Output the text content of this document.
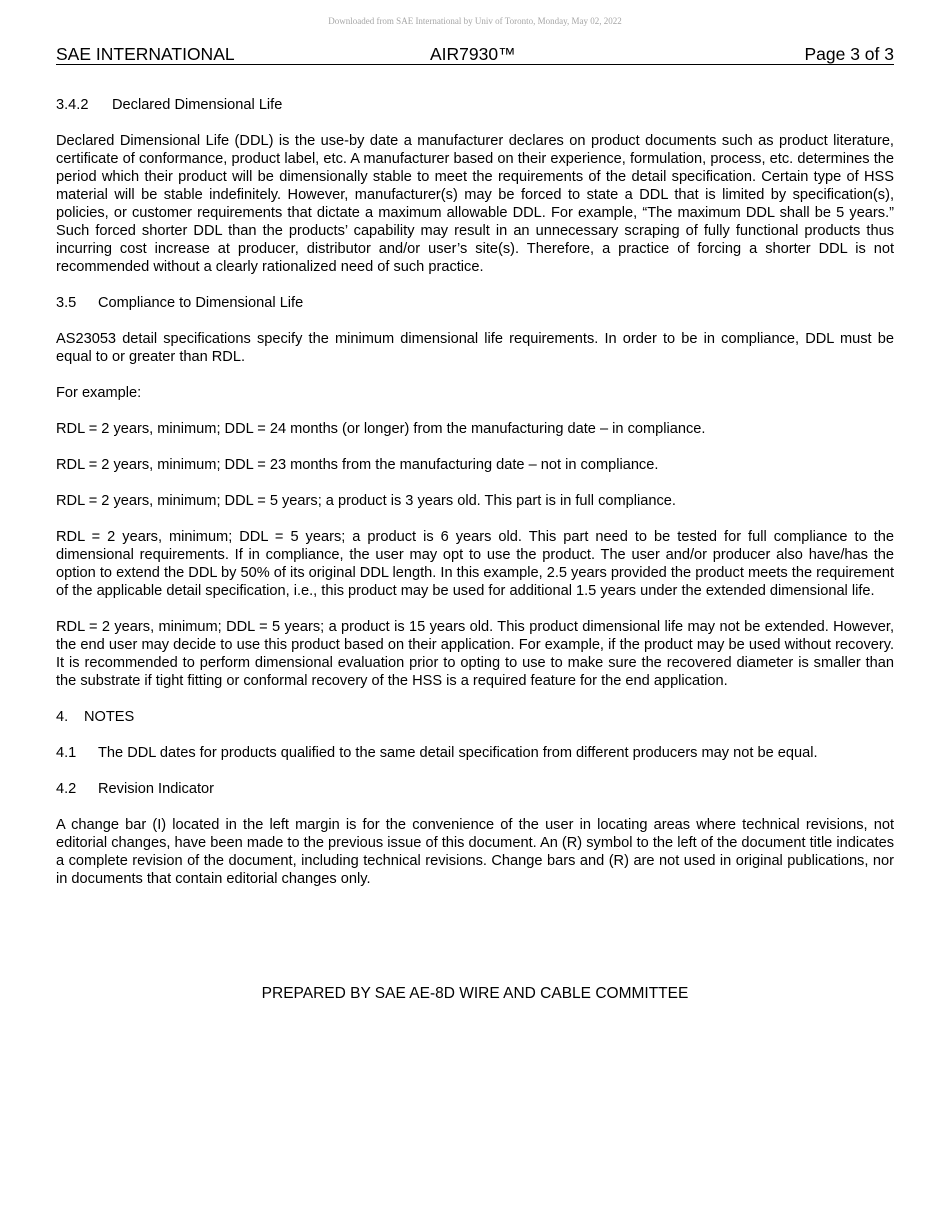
Downloaded from SAE International by Univ of Toronto, Monday, May 02, 2022
SAE INTERNATIONAL	AIR7930™	Page 3 of 3
3.4.2	Declared Dimensional Life

Declared Dimensional Life (DDL) is the use-by date a manufacturer declares on product documents such as product literature, certificate of conformance, product label, etc. A manufacturer based on their experience, formulation, process, etc. determines the period which their product will be dimensionally stable to meet the requirements of the detail specification. Certain type of HSS material will be stable indefinitely. However, manufacturer(s) may be forced to state a DDL that is limited by specification(s), policies, or customer requirements that dictate a maximum allowable DDL. For example, “The maximum DDL shall be 5 years.” Such forced shorter DDL than the products’ capability may result in an unnecessary scraping of fully functional products thus incurring cost increase at producer, distributor and/or user’s site(s). Therefore, a practice of forcing a shorter DDL is not recommended without a clearly rationalized need of such practice.

3.5	Compliance to Dimensional Life

AS23053 detail specifications specify the minimum dimensional life requirements. In order to be in compliance, DDL must be equal to or greater than RDL.

For example:

RDL = 2 years, minimum; DDL = 24 months (or longer) from the manufacturing date – in compliance.

RDL = 2 years, minimum; DDL = 23 months from the manufacturing date – not in compliance.

RDL = 2 years, minimum; DDL = 5 years; a product is 3 years old. This part is in full compliance.

RDL = 2 years, minimum; DDL = 5 years; a product is 6 years old. This part need to be tested for full compliance to the dimensional requirements. If in compliance, the user may opt to use the product. The user and/or producer also have/has the option to extend the DDL by 50% of its original DDL length. In this example, 2.5 years provided the product meets the requirement of the applicable detail specification, i.e., this product may be used for additional 1.5 years under the extended dimensional life.

RDL = 2 years, minimum; DDL = 5 years; a product is 15 years old. This product dimensional life may not be extended. However, the end user may decide to use this product based on their application. For example, if the product may be used without recovery. It is recommended to perform dimensional evaluation prior to opting to use to make sure the recovered diameter is smaller than the substrate if tight fitting or conformal recovery of the HSS is a required feature for the end application.

4.	NOTES
4.1	The DDL dates for products qualified to the same detail specification from different producers may not be equal.
4.2	Revision Indicator

A change bar (I) located in the left margin is for the convenience of the user in locating areas where technical revisions, not editorial changes, have been made to the previous issue of this document. An (R) symbol to the left of the document title indicates a complete revision of the document, including technical revisions. Change bars and (R) are not used in original publications, nor in documents that contain editorial changes only.

PREPARED BY SAE AE-8D WIRE AND CABLE COMMITTEE
